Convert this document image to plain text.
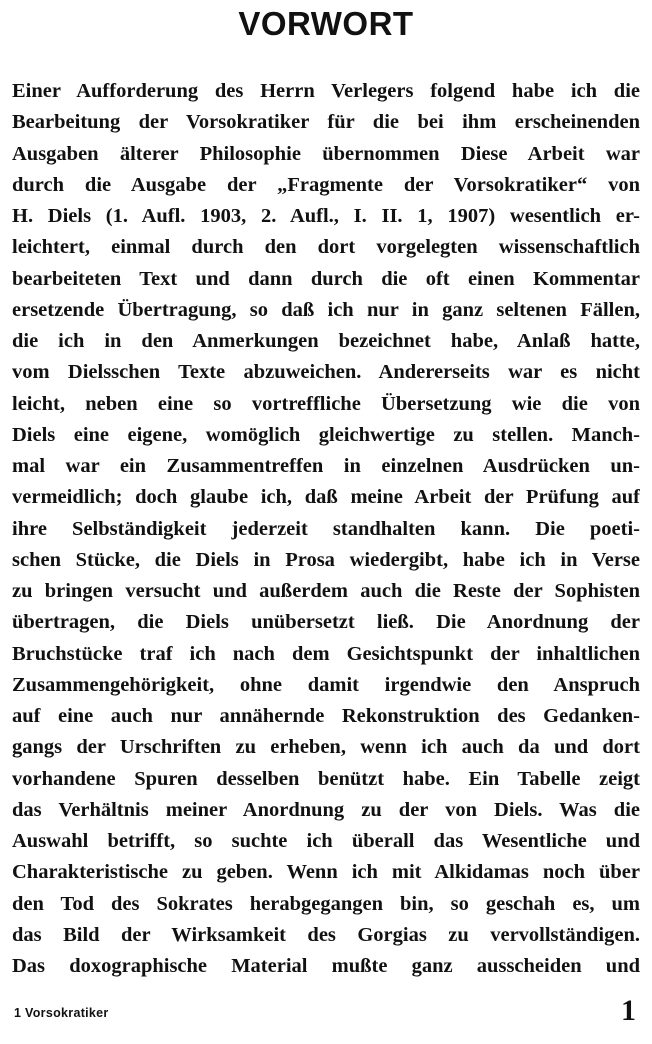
VORWORT
Einer Aufforderung des Herrn Verlegers folgend habe ich die
Bearbeitung der Vorsokratiker für die bei ihm erscheinenden
Ausgaben älterer Philosophie übernommen Diese Arbeit war
durch die Ausgabe der „Fragmente der Vorsokratiker“ von
H. Diels (1. Aufl. 1903, 2. Aufl., I. II. 1, 1907) wesentlich er-
leichtert, einmal durch den dort vorgelegten wissenschaftlich
bearbeiteten Text und dann durch die oft einen Kommentar
ersetzende Übertragung, so daß ich nur in ganz seltenen Fällen,
die ich in den Anmerkungen bezeichnet habe, Anlaß hatte,
vom Dielsschen Texte abzuweichen. Andererseits war es nicht
leicht, neben eine so vortreffliche Übersetzung wie die von
Diels eine eigene, womöglich gleichwertige zu stellen. Manch-
mal war ein Zusammentreffen in einzelnen Ausdrücken un-
vermeidlich; doch glaube ich, daß meine Arbeit der Prüfung auf
ihre Selbständigkeit jederzeit standhalten kann. Die poeti-
schen Stücke, die Diels in Prosa wiedergibt, habe ich in Verse
zu bringen versucht und außerdem auch die Reste der Sophisten
übertragen, die Diels unübersetzt ließ. Die Anordnung der
Bruchstücke traf ich nach dem Gesichtspunkt der inhaltlichen
Zusammengehörigkeit, ohne damit irgendwie den Anspruch
auf eine auch nur annähernde Rekonstruktion des Gedanken-
gangs der Urschriften zu erheben, wenn ich auch da und dort
vorhandene Spuren desselben benützt habe. Ein Tabelle zeigt
das Verhältnis meiner Anordnung zu der von Diels. Was die
Auswahl betrifft, so suchte ich überall das Wesentliche und
Charakteristische zu geben. Wenn ich mit Alkidamas noch über
den Tod des Sokrates herabgegangen bin, so geschah es, um
das Bild der Wirksamkeit des Gorgias zu vervollständigen.
Das doxographische Material mußte ganz ausscheiden und
1 Vorsokratiker	1
